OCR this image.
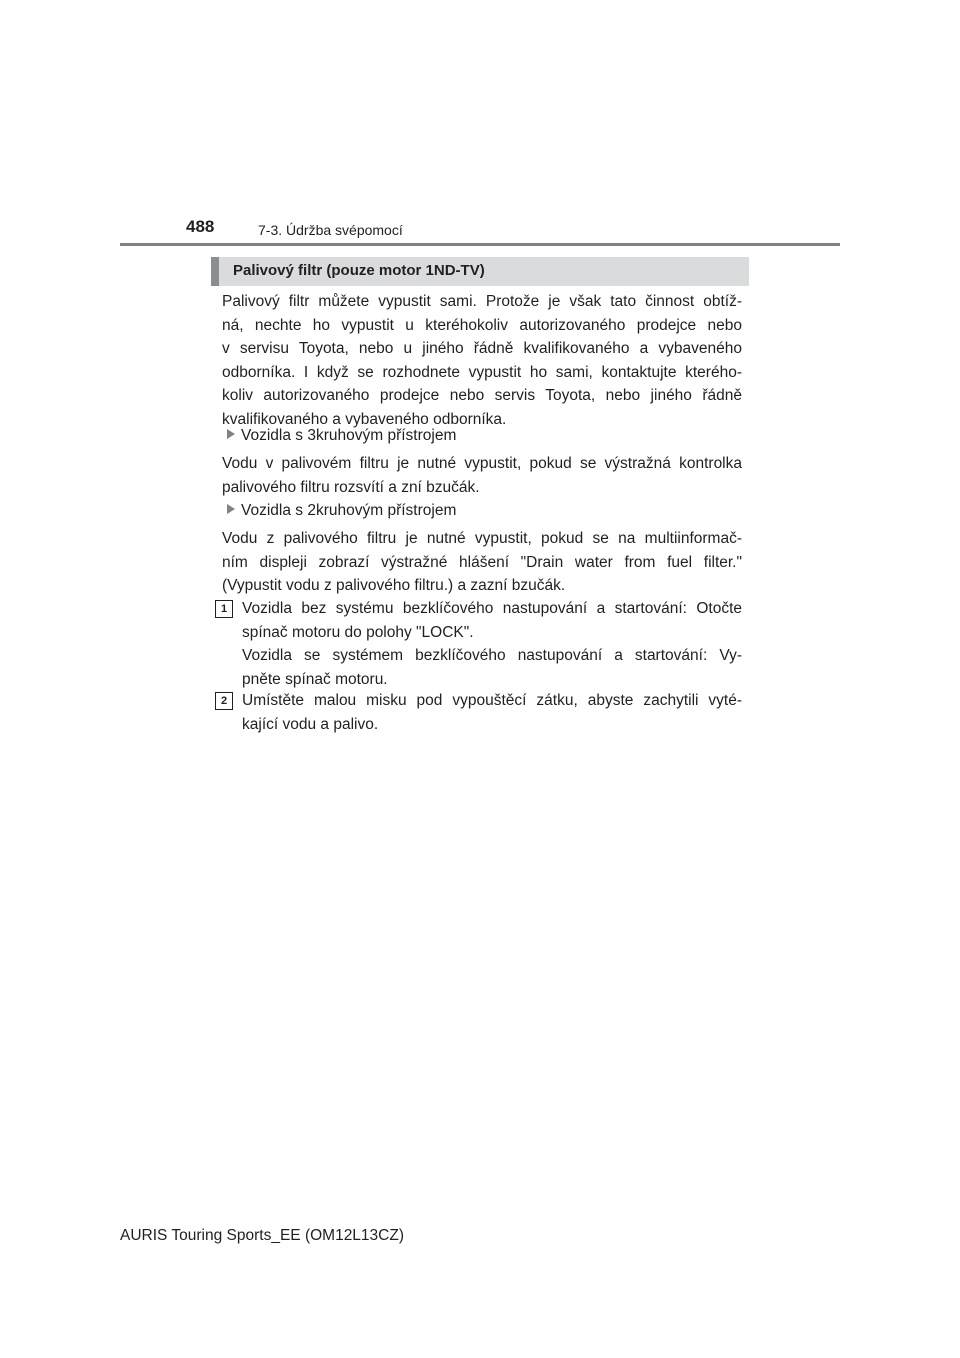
488	7-3. Údržba svépomocí
Palivový filtr (pouze motor 1ND-TV)
Palivový filtr můžete vypustit sami. Protože je však tato činnost obtíž-
ná, nechte ho vypustit u kteréhokoliv autorizovaného prodejce nebo
v servisu Toyota, nebo u jiného řádně kvalifikovaného a vybaveného
odborníka. I když se rozhodnete vypustit ho sami, kontaktujte kterého-
koliv autorizovaného prodejce nebo servis Toyota, nebo jiného řádně
kvalifikovaného a vybaveného odborníka.
Vozidla s 3kruhovým přístrojem
Vodu v palivovém filtru je nutné vypustit, pokud se výstražná kontrolka
palivového filtru rozsvítí a zní bzučák.
Vozidla s 2kruhovým přístrojem
Vodu z palivového filtru je nutné vypustit, pokud se na multiinformač-
ním displeji zobrazí výstražné hlášení "Drain water from fuel filter."
(Vypustit vodu z palivového filtru.) a zazní bzučák.
1 Vozidla bez systému bezklíčového nastupování a startování: Otočte
spínač motoru do polohy "LOCK".
Vozidla se systémem bezklíčového nastupování a startování: Vy-
pněte spínač motoru.
2 Umístěte malou misku pod vypouštěcí zátku, abyste zachytili vyté-
kající vodu a palivo.
AURIS Touring Sports_EE (OM12L13CZ)
